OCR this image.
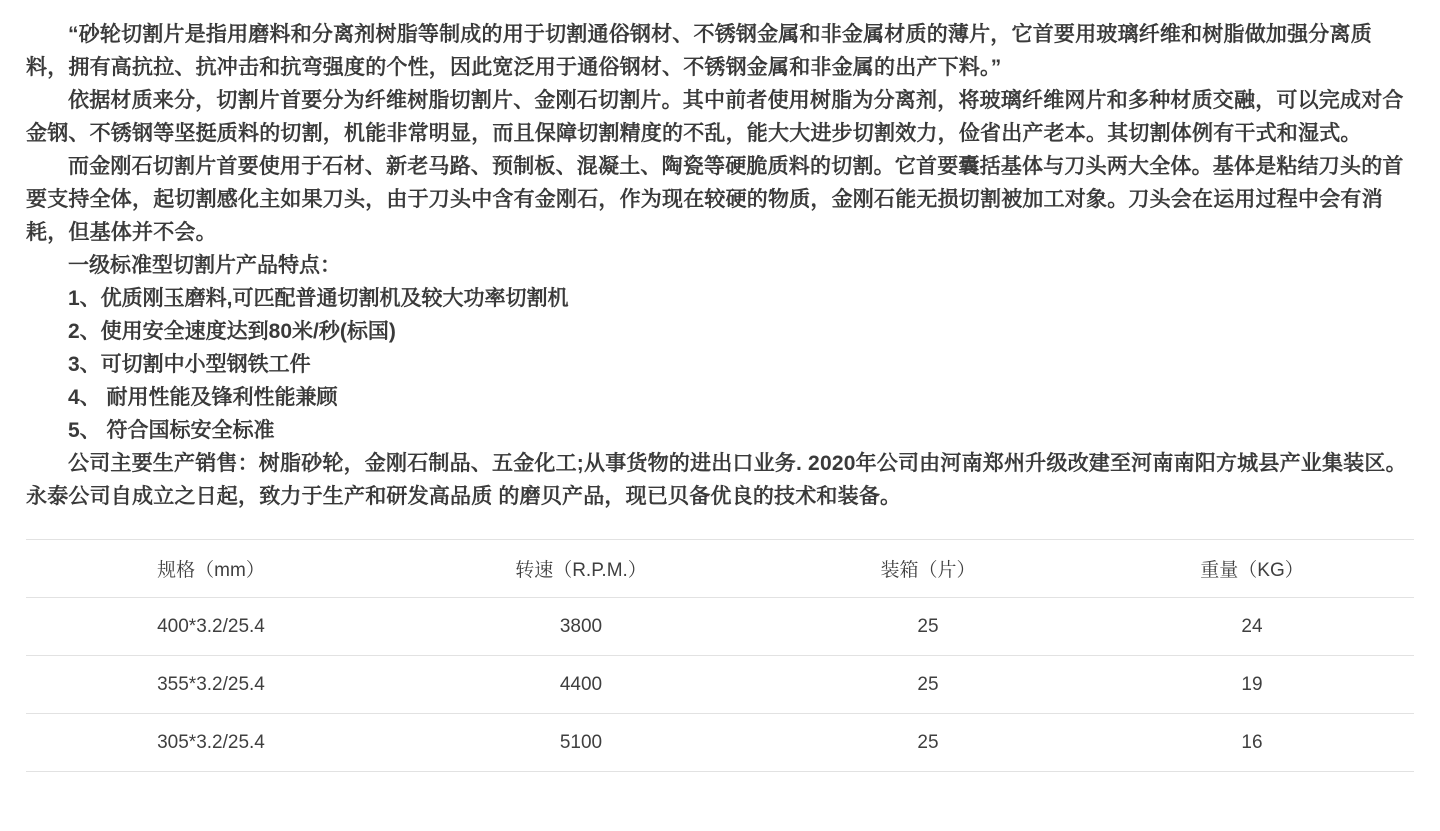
“砂轮切割片是指用磨料和分离剂树脂等制成的用于切割通俗钢材、不锈钢金属和非金属材质的薄片，它首要用玻璃纤维和树脂做加强分离质料，拥有高抗拉、抗冲击和抗弯强度的个性，因此宽泛用于通俗钢材、不锈钢金属和非金属的出产下料。”

依据材质来分，切割片首要分为纤维树脂切割片、金刚石切割片。其中前者使用树脂为分离剂，将玻璃纤维网片和多种材质交融，可以完成对合金钢、不锈钢等坚挺质料的切割，机能非常明显，而且保障切割精度的不乱，能大大进步切割效力，俭省出产老本。其切割体例有干式和湿式。

而金刚石切割片首要使用于石材、新老马路、预制板、混凝土、陶瓷等硬脆质料的切割。它首要囊括基体与刀头两大全体。基体是粘结刀头的首要支持全体，起切割感化主如果刀头，由于刀头中含有金刚石，作为现在较硬的物质，金刚石能无损切割被加工对象。刀头会在运用过程中会有消耗，但基体并不会。

一级标准型切割片产品特点：

1、优质刚玉磨料,可匹配普通切割机及较大功率切割机

2、使用安全速度达到80米/秒(标国)

3、可切割中小型钢铁工件

4、 耐用性能及锋利性能兼顾

5、 符合国标安全标准

公司主要生产销售：树脂砂轮，金刚石制品、五金化工;从事货物的进出口业务. 2020年公司由河南郑州升级改建至河南南阳方城县产业集装区。永泰公司自成立之日起，致力于生产和研发高品质 的磨贝产品，现已贝备优良的技术和装备。

规格（mm）	转速（R.P.M.）	装箱（片）	重量（KG）
400*3.2/25.4	3800	25	24
355*3.2/25.4	4400	25	19
305*3.2/25.4	5100	25	16
